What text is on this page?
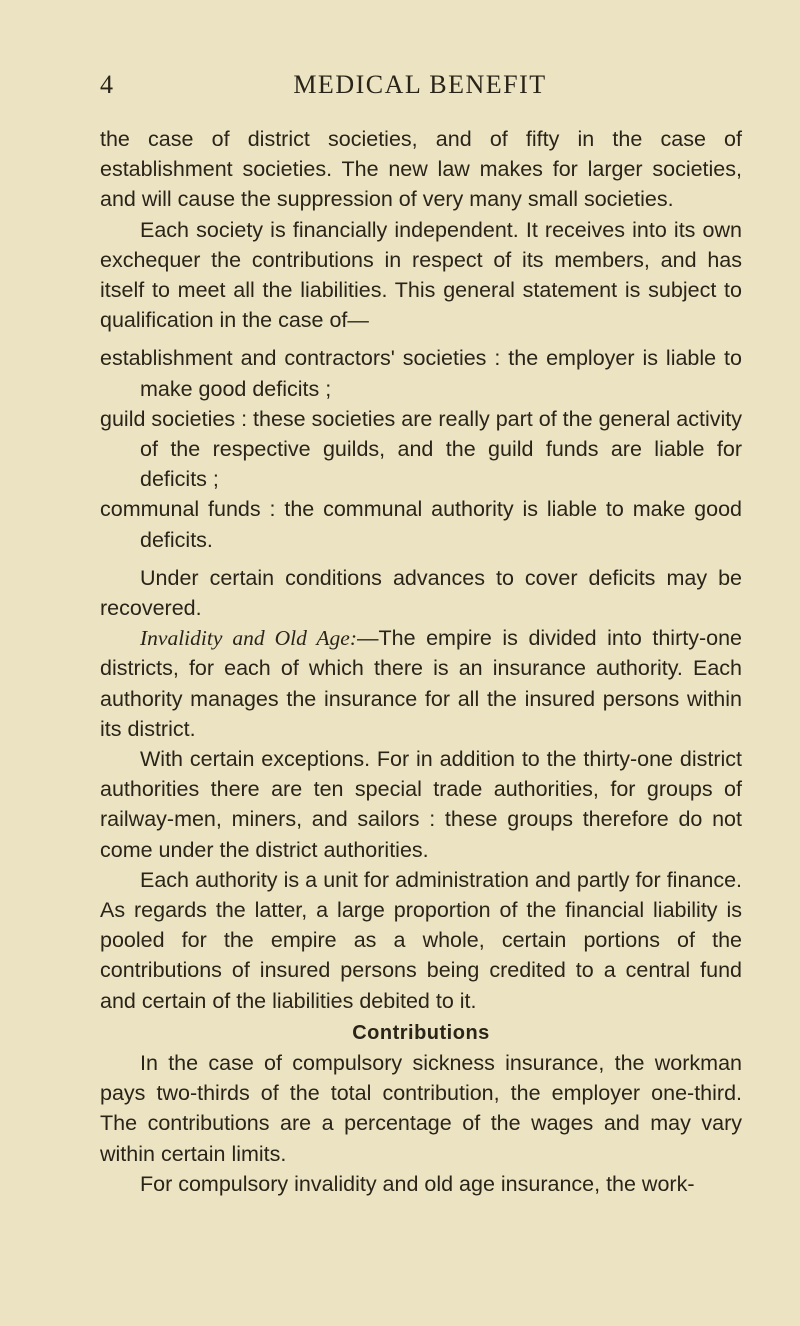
4	MEDICAL BENEFIT

the case of district societies, and of fifty in the case of establishment societies. The new law makes for larger societies, and will cause the suppression of very many small societies.

Each society is financially independent. It receives into its own exchequer the contributions in respect of its members, and has itself to meet all the liabilities. This general statement is subject to qualification in the case of—

establishment and contractors' societies : the employer is liable to make good deficits ;

guild societies : these societies are really part of the general activity of the respective guilds, and the guild funds are liable for deficits ;

communal funds : the communal authority is liable to make good deficits.

Under certain conditions advances to cover deficits may be recovered.

Invalidity and Old Age:—The empire is divided into thirty-one districts, for each of which there is an insurance authority. Each authority manages the insurance for all the insured persons within its district.

With certain exceptions. For in addition to the thirty-one district authorities there are ten special trade authorities, for groups of railway-men, miners, and sailors : these groups therefore do not come under the district authorities.

Each authority is a unit for administration and partly for finance. As regards the latter, a large proportion of the financial liability is pooled for the empire as a whole, certain portions of the contributions of insured persons being credited to a central fund and certain of the liabilities debited to it.

Contributions

In the case of compulsory sickness insurance, the workman pays two-thirds of the total contribution, the employer one-third. The contributions are a percentage of the wages and may vary within certain limits.

For compulsory invalidity and old age insurance, the work-
